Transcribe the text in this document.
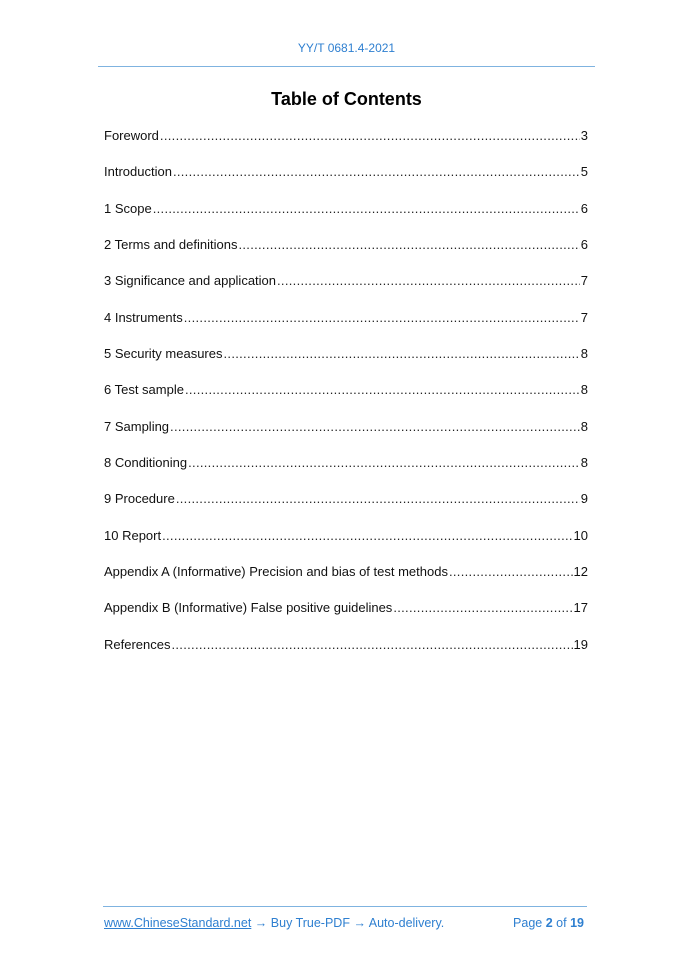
YY/T 0681.4-2021
Table of Contents
Foreword .....	3
Introduction .....	5
1 Scope .....	6
2 Terms and definitions .....	6
3 Significance and application .....	7
4 Instruments .....	7
5 Security measures .....	8
6 Test sample .....	8
7 Sampling .....	8
8 Conditioning .....	8
9 Procedure .....	9
10 Report .....	10
Appendix A (Informative) Precision and bias of test methods .....	12
Appendix B (Informative) False positive guidelines .....	17
References .....	19
www.ChineseStandard.net → Buy True-PDF → Auto-delivery.	Page 2 of 19
